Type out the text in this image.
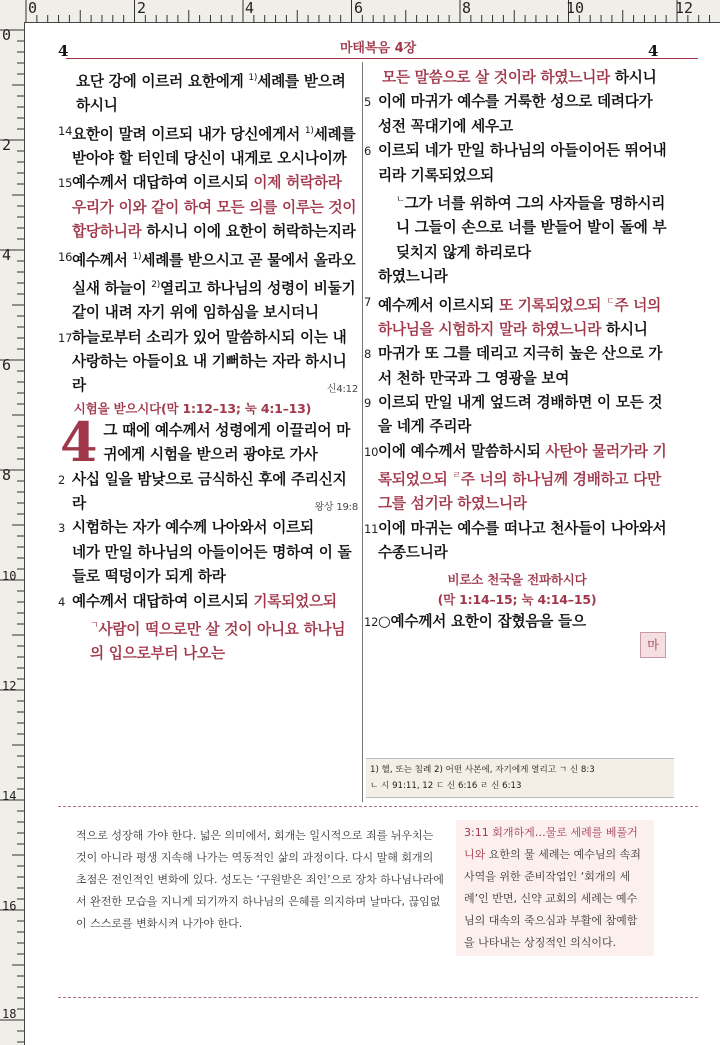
0	2	4	6	8	10	12
0
2
4
6
8
10
12
14
16
18
4	4
마태복음 4장
요단 강에 이르러 요한에게 $^{1)}$세례를 받으려 하시니
14 요한이 말려 이르되 내가 당신에게서 $^{1)}$세례를 받아야 할 터인데 당신이 내게로 오시나이까
15 예수께서 대답하여 이르시되 이제 허락하라 우리가 이와 같이 하여 모든 의를 이루는 것이 합당하니라 하시니 이에 요한이 허락하는지라
16 예수께서 $^{1)}$세례를 받으시고 곧 물에서 올라오실새 하늘이 $^{2)}$열리고 하나님의 성령이 비둘기 같이 내려 자기 위에 임하심을 보시더니
17 하늘로부터 소리가 있어 말씀하시되 이는 내 사랑하는 아들이요 내 기뻐하는 자라 하시니라	신4:12
시험을 받으시다(막 1:12–13; 눅 4:1–13)
4 그 때에 예수께서 성령에게 이끌리어 마귀에게 시험을 받으러 광야로 가사
2 사십 일을 밤낮으로 금식하신 후에 주리신지라	왕상 19:8
3 시험하는 자가 예수께 나아와서 이르되 네가 만일 하나님의 아들이어든 명하여 이 돌들로 떡덩이가 되게 하라
4 예수께서 대답하여 이르시되 기록되었으되
$^ㄱ$사람이 떡으로만 살 것이 아니요 하나님의 입으로부터 나오는
모든 말씀으로 살 것이라 하였느니라 하시니
5 이에 마귀가 예수를 거룩한 성으로 데려다가 성전 꼭대기에 세우고
6 이르되 네가 만일 하나님의 아들이어든 뛰어내리라 기록되었으되
$^ㄴ$그가 너를 위하여 그의 사자들을 명하시리니 그들이 손으로 너를 받들어 발이 돌에 부딪치지 않게 하리로다
하였느니라
7 예수께서 이르시되 또 기록되었으되 $^ㄷ$주 너의 하나님을 시험하지 말라 하였느니라 하시니
8 마귀가 또 그를 데리고 지극히 높은 산으로 가서 천하 만국과 그 영광을 보여
9 이르되 만일 내게 엎드려 경배하면 이 모든 것을 네게 주리라
10 이에 예수께서 말씀하시되 사탄아 물러가라 기록되었으되 $^ㄹ$주 너의 하나님께 경배하고 다만 그를 섬기라 하였느니라
11 이에 마귀는 예수를 떠나고 천사들이 나아와서 수종드니라
비로소 천국을 전파하시다
(막 1:14–15; 눅 4:14–15)
12 ○예수께서 요한이 잡혔음을 들으
1) 헬, 또는 침례 2) 어떤 사본에, 자기에게 열리고 ㄱ 신 8:3
ㄴ 시 91:11, 12 ㄷ 신 6:16 ㄹ 신 6:13
마
적으로 성장해 가야 한다. 넓은 의미에서, 회개는 일시적으로 죄를 뉘우치는 것이 아니라 평생 지속해 나가는 역동적인 삶의 과정이다. 다시 말해 회개의 초점은 전인적인 변화에 있다. 성도는 ‘구원받은 죄인’으로 장차 하나님나라에서 완전한 모습을 지니게 되기까지 하나님의 은혜를 의지하며 날마다, 끊임없이 스스로를 변화시켜 나가야 한다.
3:11 회개하게…물로 세례를 베풀거니와 요한의 물 세례는 예수님의 속죄 사역을 위한 준비작업인 ‘회개의 세례’인 반면, 신약 교회의 세례는 예수님의 대속의 죽으심과 부활에 참예함을 나타내는 상징적인 의식이다.
